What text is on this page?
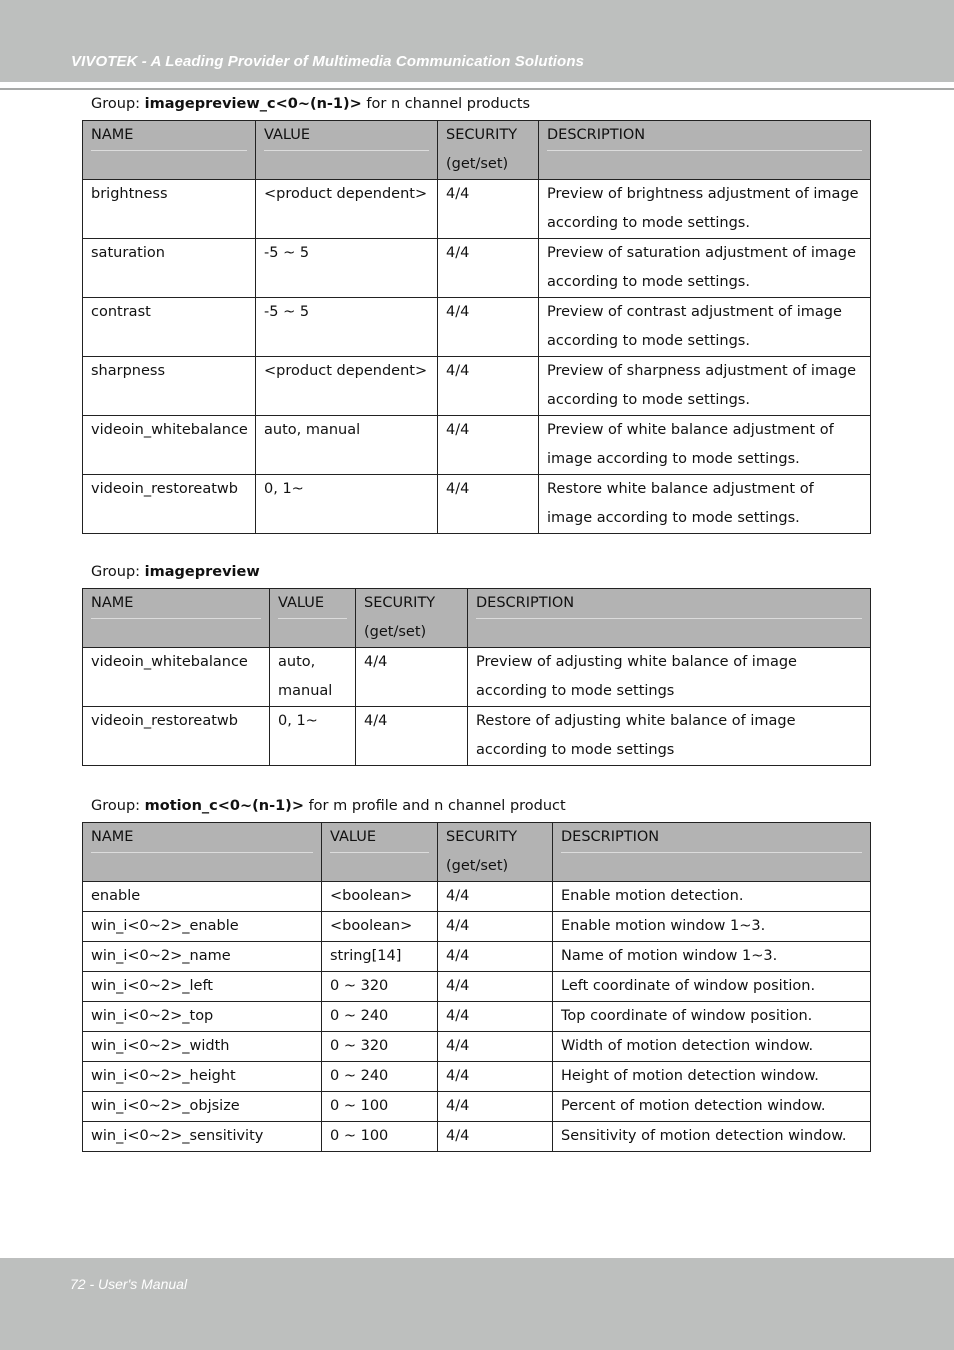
VIVOTEK - A Leading Provider of Multimedia Communication Solutions
Group: imagepreview_c<0~(n-1)> for n channel products
NAME	VALUE	SECURITY (get/set)	DESCRIPTION

brightness	<product dependent>	4/4	Preview of brightness adjustment of image according to mode settings.
saturation	-5 ~ 5	4/4	Preview of saturation adjustment of image according to mode settings.
contrast	-5 ~ 5	4/4	Preview of contrast adjustment of image according to mode settings.
sharpness	<product dependent>	4/4	Preview of sharpness adjustment of image according to mode settings.
videoin_whitebalance	auto, manual	4/4	Preview of white balance adjustment of image according to mode settings.
videoin_restoreatwb	0, 1~	4/4	Restore white balance adjustment of image according to mode settings.
Group: imagepreview
NAME	VALUE	SECURITY (get/set)	DESCRIPTION

videoin_whitebalance	auto, manual	4/4	Preview of adjusting white balance of image according to mode settings
videoin_restoreatwb	0, 1~	4/4	Restore of adjusting white balance of image according to mode settings
Group: motion_c<0~(n-1)> for m profile and n channel product
NAME	VALUE	SECURITY (get/set)	DESCRIPTION

enable	<boolean>	4/4	Enable motion detection.
win_i<0~2>_enable	<boolean>	4/4	Enable motion window 1~3.
win_i<0~2>_name	string[14]	4/4	Name of motion window 1~3.
win_i<0~2>_left	0 ~ 320	4/4	Left coordinate of window position.
win_i<0~2>_top	0 ~ 240	4/4	Top coordinate of window position.
win_i<0~2>_width	0 ~ 320	4/4	Width of motion detection window.
win_i<0~2>_height	0 ~ 240	4/4	Height of motion detection window.
win_i<0~2>_objsize	0 ~ 100	4/4	Percent of motion detection window.
win_i<0~2>_sensitivity	0 ~ 100	4/4	Sensitivity of motion detection window.
72 - User's Manual
